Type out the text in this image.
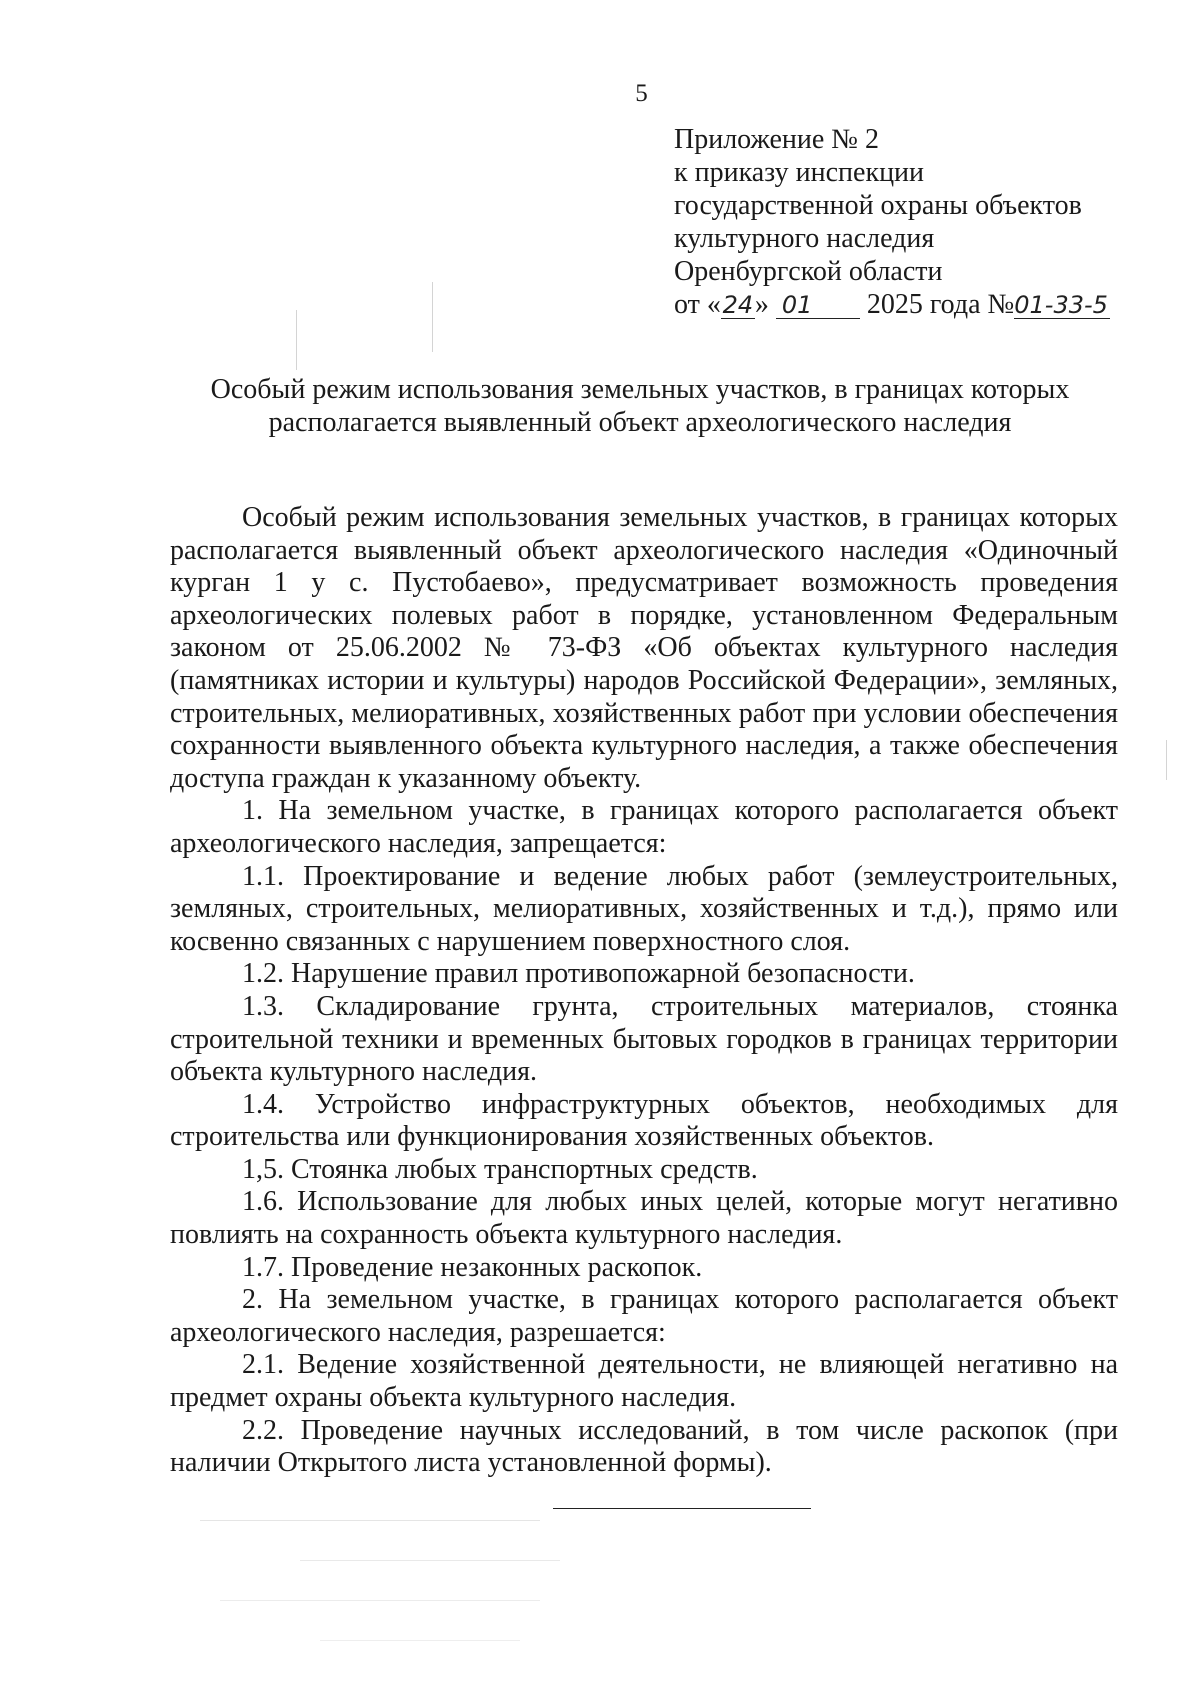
5
Приложение № 2
к приказу инспекции
государственной охраны объектов
культурного наследия
Оренбургской области
от «24» 01 2025 года №01-33-5
Особый режим использования земельных участков, в границах которых
располагается выявленный объект археологического наследия

Особый режим использования земельных участков, в границах которых располагается выявленный объект археологического наследия «Одиночный курган 1 у с. Пустобаево», предусматривает возможность проведения археологических полевых работ в порядке, установленном Федеральным законом от 25.06.2002 № 73-ФЗ «Об объектах культурного наследия (памятниках истории и культуры) народов Российской Федерации», земляных, строительных, мелиоративных, хозяйственных работ при условии обеспечения сохранности выявленного объекта культурного наследия, а также обеспечения доступа граждан к указанному объекту.

1. На земельном участке, в границах которого располагается объект археологического наследия, запрещается:

1.1. Проектирование и ведение любых работ (землеустроительных, земляных, строительных, мелиоративных, хозяйственных и т.д.), прямо или косвенно связанных с нарушением поверхностного слоя.

1.2. Нарушение правил противопожарной безопасности.

1.3. Складирование грунта, строительных материалов, стоянка строительной техники и временных бытовых городков в границах территории объекта культурного наследия.

1.4. Устройство инфраструктурных объектов, необходимых для строительства или функционирования хозяйственных объектов.

1,5. Стоянка любых транспортных средств.

1.6. Использование для любых иных целей, которые могут негативно повлиять на сохранность объекта культурного наследия.

1.7. Проведение незаконных раскопок.

2. На земельном участке, в границах которого располагается объект археологического наследия, разрешается:

2.1. Ведение хозяйственной деятельности, не влияющей негативно на предмет охраны объекта культурного наследия.

2.2. Проведение научных исследований, в том числе раскопок (при наличии Открытого листа установленной формы).
